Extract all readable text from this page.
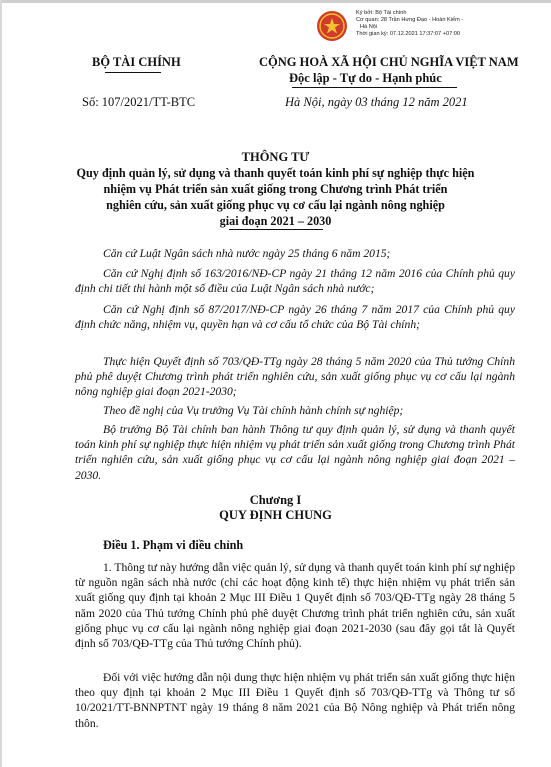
Ký bởi: Bộ Tài chính
Cơ quan: 28 Trần Hưng Đạo - Hoàn Kiếm -
Hà Nội
Thời gian ký: 07.12.2021 17:37:07 +07:00
BỘ TÀI CHÍNH	CỘNG HOÀ XÃ HỘI CHỦ NGHĨA VIỆT NAM
Độc lập - Tự do - Hạnh phúc
Số: 107/2021/TT-BTC	Hà Nội, ngày 03 tháng 12 năm 2021
THÔNG TƯ
Quy định quản lý, sử dụng và thanh quyết toán kinh phí sự nghiệp thực hiện
nhiệm vụ Phát triển sản xuất giống trong Chương trình Phát triển
nghiên cứu, sản xuất giống phục vụ cơ cấu lại ngành nông nghiệp
giai đoạn 2021 – 2030
Căn cứ Luật Ngân sách nhà nước ngày 25 tháng 6 năm 2015;
Căn cứ Nghị định số 163/2016/NĐ-CP ngày 21 tháng 12 năm 2016 của Chính phủ quy định chi tiết thi hành một số điều của Luật Ngân sách nhà nước;
Căn cứ Nghị định số 87/2017/NĐ-CP ngày 26 tháng 7 năm 2017 của Chính phủ quy định chức năng, nhiệm vụ, quyền hạn và cơ cấu tổ chức của Bộ Tài chính;
Thực hiện Quyết định số 703/QĐ-TTg ngày 28 tháng 5 năm 2020 của Thủ tướng Chính phủ phê duyệt Chương trình phát triển nghiên cứu, sản xuất giống phục vụ cơ cấu lại ngành nông nghiệp giai đoạn 2021-2030;
Theo đề nghị của Vụ trưởng Vụ Tài chính hành chính sự nghiệp;
Bộ trưởng Bộ Tài chính ban hành Thông tư quy định quản lý, sử dụng và thanh quyết toán kinh phí sự nghiệp thực hiện nhiệm vụ phát triển sản xuất giống trong Chương trình Phát triển nghiên cứu, sản xuất giống phục vụ cơ cấu lại ngành nông nghiệp giai đoạn 2021 – 2030.
Chương I
QUY ĐỊNH CHUNG
Điều 1. Phạm vi điều chỉnh
1. Thông tư này hướng dẫn việc quản lý, sử dụng và thanh quyết toán kinh phí sự nghiệp từ nguồn ngân sách nhà nước (chỉ các hoạt động kinh tế) thực hiện nhiệm vụ phát triển sản xuất giống quy định tại khoản 2 Mục III Điều 1 Quyết định số 703/QĐ-TTg ngày 28 tháng 5 năm 2020 của Thủ tướng Chính phủ phê duyệt Chương trình phát triển nghiên cứu, sản xuất giống phục vụ cơ cấu lại ngành nông nghiệp giai đoạn 2021-2030 (sau đây gọi tắt là Quyết định số 703/QĐ-TTg của Thủ tướng Chính phủ).
Đối với việc hướng dẫn nội dung thực hiện nhiệm vụ phát triển sản xuất giống thực hiện theo quy định tại khoản 2 Mục III Điều 1 Quyết định số 703/QĐ-TTg và Thông tư số 10/2021/TT-BNNPTNT ngày 19 tháng 8 năm 2021 của Bộ Nông nghiệp và Phát triển nông thôn.
